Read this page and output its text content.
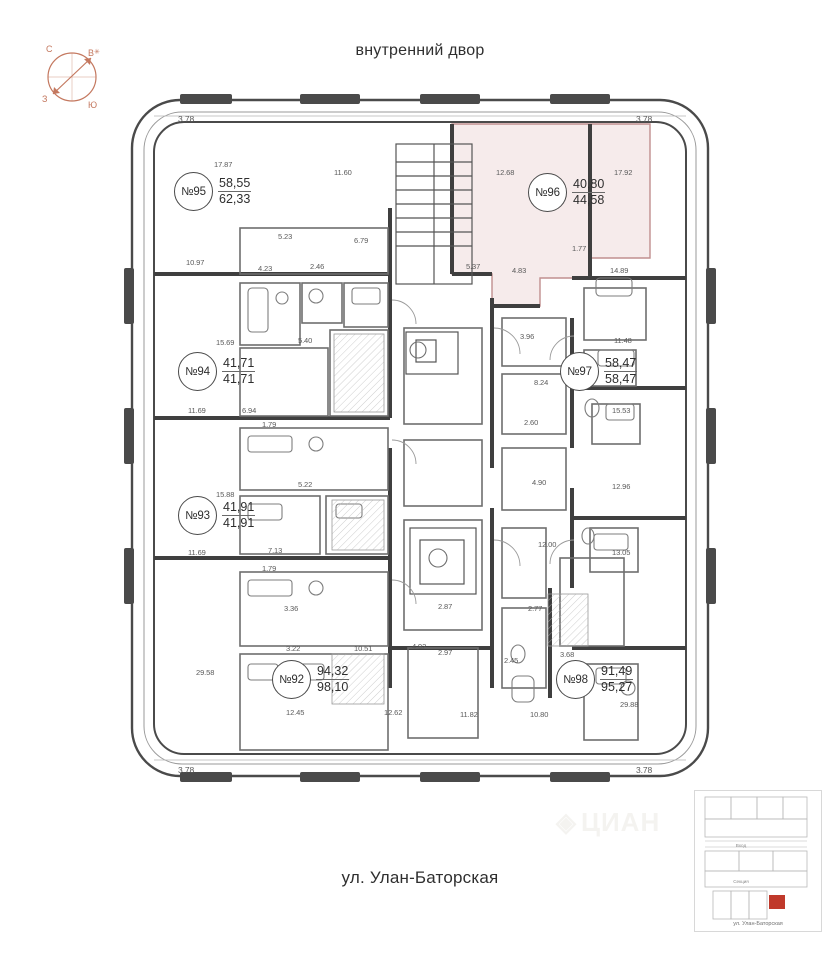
внутренний двор
✳
С	В
З
Ю
№95
58,55
62,33	№96
40,80
44,58
№94
41,71
41,71
№97
58,47
58,47
№93
41,91
41,91
№92
94,32
98,10
№98
91,49
95,27
3.78	3.78
3.78	3.78
17.87
11.60	12.68	17.92
10.97
5.23	6.79
4.23	2.46	5.37	4.83
1.77
14.89
15.69	5.40	3.96	11.48
11.69	6.94
8.24
15.53
1.79	2.60
15.88
5.22	4.90	12.96
11.69	7.13
12.00
13.05
1.79
3.36	2.87	2.77
3.22	10.51	4.92
2.97
2.45
3.68
29.58
12.45	12.62	11.82	10.80
29.88
◈ ЦИАН
Вход
Секция
ул. Улан-Баторская
ул. Улан-Баторская
